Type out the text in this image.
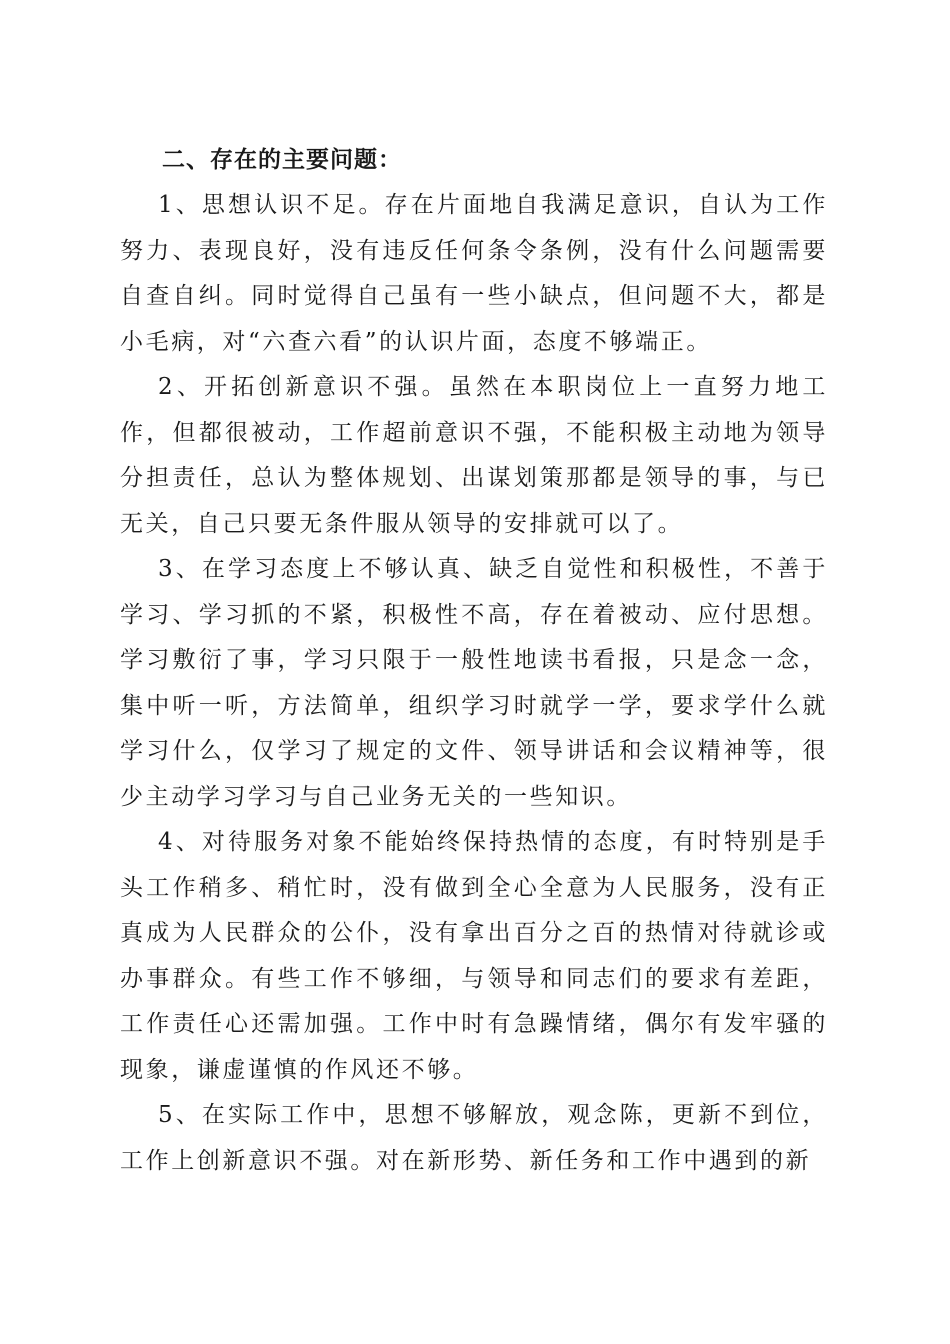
二、存在的主要问题：

1、思想认识不足。存在片面地自我满足意识，自认为工作努力、表现良好，没有违反任何条令条例，没有什么问题需要自查自纠。同时觉得自己虽有一些小缺点，但问题不大，都是小毛病，对“六查六看”的认识片面，态度不够端正。

2、开拓创新意识不强。虽然在本职岗位上一直努力地工作，但都很被动，工作超前意识不强，不能积极主动地为领导分担责任，总认为整体规划、出谋划策那都是领导的事，与已无关，自己只要无条件服从领导的安排就可以了。

3、在学习态度上不够认真、缺乏自觉性和积极性，不善于学习、学习抓的不紧，积极性不高，存在着被动、应付思想。学习敷衍了事，学习只限于一般性地读书看报，只是念一念，集中听一听，方法简单，组织学习时就学一学，要求学什么就学习什么，仅学习了规定的文件、领导讲话和会议精神等，很少主动学习学习与自己业务无关的一些知识。

4、对待服务对象不能始终保持热情的态度，有时特别是手头工作稍多、稍忙时，没有做到全心全意为人民服务，没有正真成为人民群众的公仆，没有拿出百分之百的热情对待就诊或办事群众。有些工作不够细，与领导和同志们的要求有差距，工作责任心还需加强。工作中时有急躁情绪，偶尔有发牢骚的现象，谦虚谨慎的作风还不够。

5、在实际工作中，思想不够解放，观念陈，更新不到位，工作上创新意识不强。对在新形势、新任务和工作中遇到的新
